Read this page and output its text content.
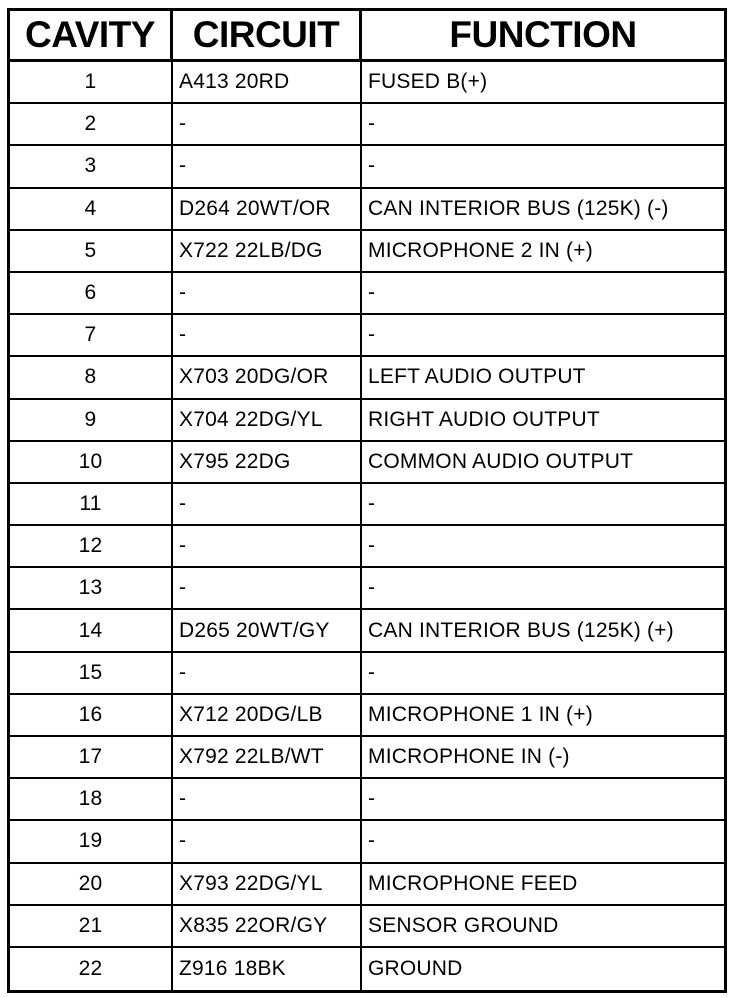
CAVITY	CIRCUIT	FUNCTION
1	A413 20RD	FUSED B(+)
2	-	-
3	-	-
4	D264 20WT/OR	CAN INTERIOR BUS (125K) (-)
5	X722 22LB/DG	MICROPHONE 2 IN (+)
6	-	-
7	-	-
8	X703 20DG/OR	LEFT AUDIO OUTPUT
9	X704 22DG/YL	RIGHT AUDIO OUTPUT
10	X795 22DG	COMMON AUDIO OUTPUT
11	-	-
12	-	-
13	-	-
14	D265 20WT/GY	CAN INTERIOR BUS (125K) (+)
15	-	-
16	X712 20DG/LB	MICROPHONE 1 IN (+)
17	X792 22LB/WT	MICROPHONE IN (-)
18	-	-
19	-	-
20	X793 22DG/YL	MICROPHONE FEED
21	X835 22OR/GY	SENSOR GROUND
22	Z916 18BK	GROUND
